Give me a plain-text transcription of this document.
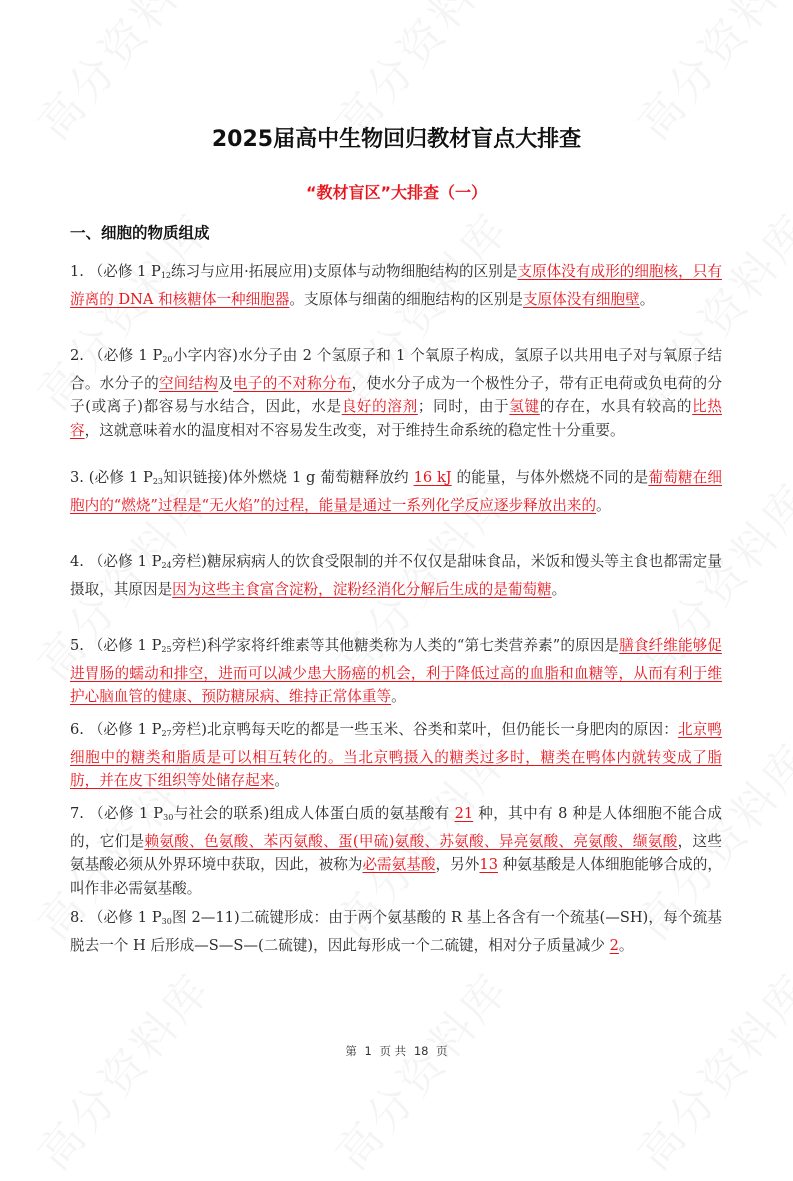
2025届高中生物回归教材盲点大排查
“教材盲区”大排查（一）
一、细胞的物质组成
1. （必修 1 $P_{12}$练习与应用·拓展应用)支原体与动物细胞结构的区别是支原体没有成形的细胞核，只有游离的 DNA 和核糖体一种细胞器。支原体与细菌的细胞结构的区别是支原体没有细胞壁。
2. （必修 1 $P_{20}$小字内容)水分子由 2 个氢原子和 1 个氧原子构成，氢原子以共用电子对与氧原子结合。水分子的空间结构及电子的不对称分布，使水分子成为一个极性分子，带有正电荷或负电荷的分子(或离子)都容易与水结合，因此，水是良好的溶剂；同时，由于氢键的存在，水具有较高的比热容，这就意味着水的温度相对不容易发生改变，对于维持生命系统的稳定性十分重要。
3. (必修 1 $P_{23}$知识链接)体外燃烧 1 g 葡萄糖释放约 16 kJ 的能量，与体外燃烧不同的是葡萄糖在细胞内的“燃烧”过程是“无火焰”的过程，能量是通过一系列化学反应逐步释放出来的。
4. （必修 1 $P_{24}$旁栏)糖尿病病人的饮食受限制的并不仅仅是甜味食品，米饭和馒头等主食也都需定量摄取，其原因是因为这些主食富含淀粉，淀粉经消化分解后生成的是葡萄糖。
5. （必修 1 $P_{25}$旁栏)科学家将纤维素等其他糖类称为人类的“第七类营养素”的原因是膳食纤维能够促进胃肠的蠕动和排空，进而可以减少患大肠癌的机会，利于降低过高的血脂和血糖等，从而有利于维护心脑血管的健康、预防糖尿病、维持正常体重等。
6. （必修 1 $P_{27}$旁栏)北京鸭每天吃的都是一些玉米、谷类和菜叶，但仍能长一身肥肉的原因：北京鸭细胞中的糖类和脂质是可以相互转化的。当北京鸭摄入的糖类过多时，糖类在鸭体内就转变成了脂肪，并在皮下组织等处储存起来。
7. （必修 1 $P_{30}$与社会的联系)组成人体蛋白质的氨基酸有 21 种，其中有 8 种是人体细胞不能合成的，它们是赖氨酸、色氨酸、苯丙氨酸、蛋(甲硫)氨酸、苏氨酸、异亮氨酸、亮氨酸、缬氨酸，这些氨基酸必须从外界环境中获取，因此，被称为必需氨基酸，另外13 种氨基酸是人体细胞能够合成的，叫作非必需氨基酸。
8. （必修 1 $P_{30}$图 2—11)二硫键形成：由于两个氨基酸的 R 基上各含有一个巯基(—SH)，每个巯基脱去一个 H 后形成—S—S—(二硫键)，因此每形成一个二硫键，相对分子质量减少 2。
第 1 页 共 18 页
